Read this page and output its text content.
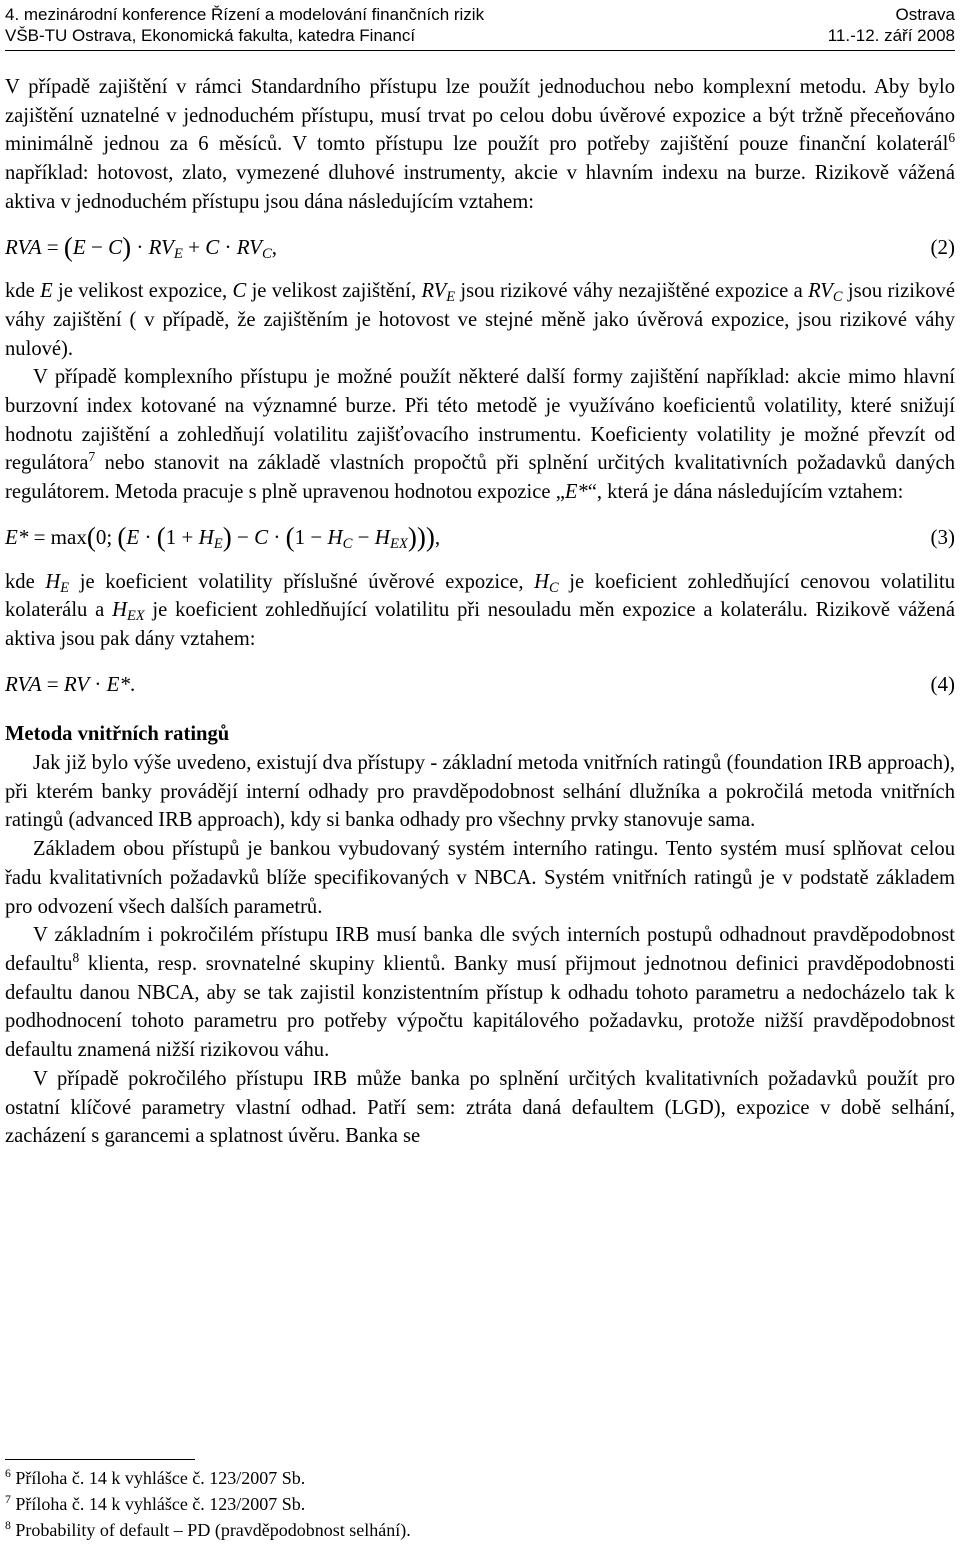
4. mezinárodní konference Řízení a modelování finančních rizik	Ostrava
VŠB-TU Ostrava, Ekonomická fakulta, katedra Financí	11.-12. září 2008

V případě zajištění v rámci Standardního přístupu lze použít jednoduchou nebo komplexní metodu. Aby bylo zajištění uznatelné v jednoduchém přístupu, musí trvat po celou dobu úvěrové expozice a být tržně přeceňováno minimálně jednou za 6 měsíců. V tomto přístupu lze použít pro potřeby zajištění pouze finanční kolaterál$^6$ například: hotovost, zlato, vymezené dluhové instrumenty, akcie v hlavním indexu na burze. Rizikově vážená aktiva v jednoduchém přístupu jsou dána následujícím vztahem:

RVA = $(E - C) \cdot RV_E + C \cdot RV_C$,	(2)

kde E je velikost expozice, C je velikost zajištění, $RV_E$ jsou rizikové váhy nezajištěné expozice a $RV_C$ jsou rizikové váhy zajištění ( v případě, že zajištěním je hotovost ve stejné měně jako úvěrová expozice, jsou rizikové váhy nulové).

V případě komplexního přístupu je možné použít některé další formy zajištění například: akcie mimo hlavní burzovní index kotované na významné burze. Při této metodě je využíváno koeficientů volatility, které snižují hodnotu zajištění a zohledňují volatilitu zajišťovacího instrumentu. Koeficienty volatility je možné převzít od regulátora$^7$ nebo stanovit na základě vlastních propočtů při splnění určitých kvalitativních požadavků daných regulátorem. Metoda pracuje s plně upravenou hodnotou expozice „E*“, která je dána následujícím vztahem:

E* = max(0; $(E \cdot (1 + H_E) - C \cdot (1 - H_C - H_{EX}))$),	(3)

kde $H_E$ je koeficient volatility příslušné úvěrové expozice, $H_C$ je koeficient zohledňující cenovou volatilitu kolaterálu a $H_{EX}$ je koeficient zohledňující volatilitu při nesouladu měn expozice a kolaterálu. Rizikově vážená aktiva jsou pak dány vztahem:

RVA = RV · E*.	(4)

Metoda vnitřních ratingů

Jak již bylo výše uvedeno, existují dva přístupy - základní metoda vnitřních ratingů (foundation IRB approach), při kterém banky provádějí interní odhady pro pravděpodobnost selhání dlužníka a pokročilá metoda vnitřních ratingů (advanced IRB approach), kdy si banka odhady pro všechny prvky stanovuje sama.

Základem obou přístupů je bankou vybudovaný systém interního ratingu. Tento systém musí splňovat celou řadu kvalitativních požadavků blíže specifikovaných v NBCA. Systém vnitřních ratingů je v podstatě základem pro odvození všech dalších parametrů.

V základním i pokročilém přístupu IRB musí banka dle svých interních postupů odhadnout pravděpodobnost defaultu$^8$ klienta, resp. srovnatelné skupiny klientů. Banky musí přijmout jednotnou definici pravděpodobnosti defaultu danou NBCA, aby se tak zajistil konzistentním přístup k odhadu tohoto parametru a nedocházelo tak k podhodnocení tohoto parametru pro potřeby výpočtu kapitálového požadavku, protože nižší pravděpodobnost defaultu znamená nižší rizikovou váhu.

V případě pokročilého přístupu IRB může banka po splnění určitých kvalitativních požadavků použít pro ostatní klíčové parametry vlastní odhad. Patří sem: ztráta daná defaultem (LGD), expozice v době selhání, zacházení s garancemi a splatnost úvěru. Banka se

$^6$ Příloha č. 14 k vyhlášce č. 123/2007 Sb.
$^7$ Příloha č. 14 k vyhlášce č. 123/2007 Sb.
$^8$ Probability of default – PD (pravděpodobnost selhání).
